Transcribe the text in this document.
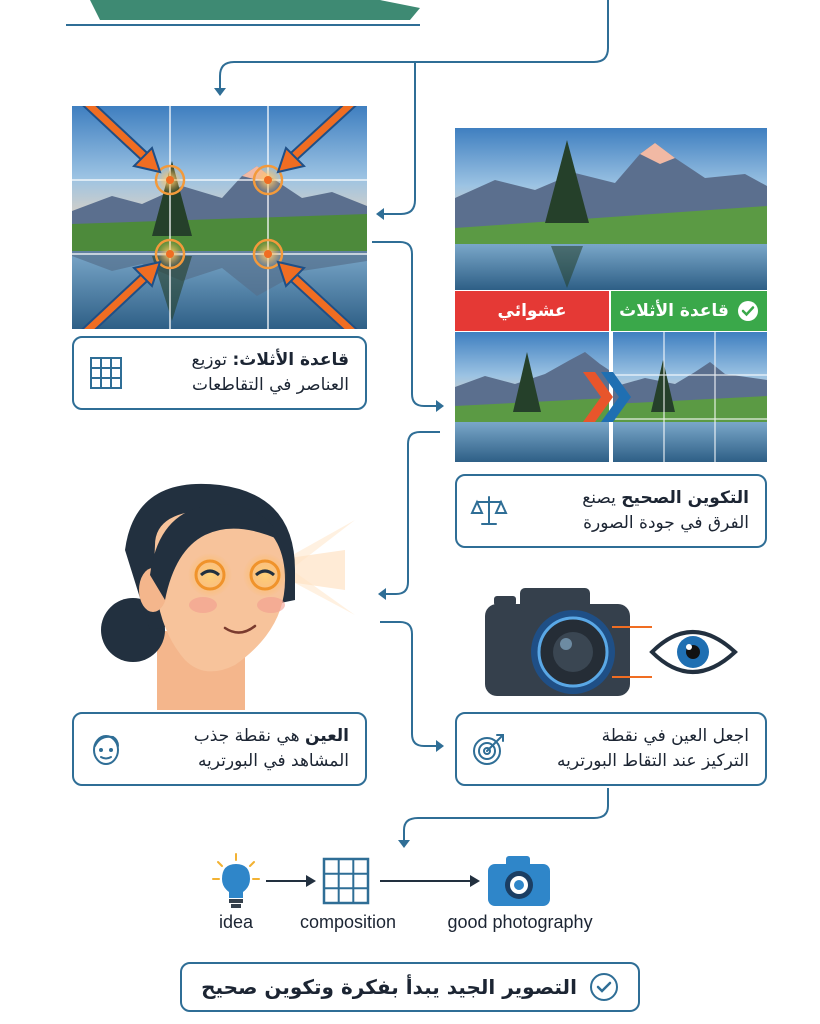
قاعدة الأثلاث: توزيع
العناصر في التقاطعات
عشوائي	قاعدة الأثلاث
التكوين الصحيح يصنع
الفرق في جودة الصورة
العين هي نقطة جذب
المشاهد في البورتريه
اجعل العين في نقطة
التركيز عند التقاط البورتريه
idea	composition	good photography
التصوير الجيد يبدأ بفكرة وتكوين صحيح
